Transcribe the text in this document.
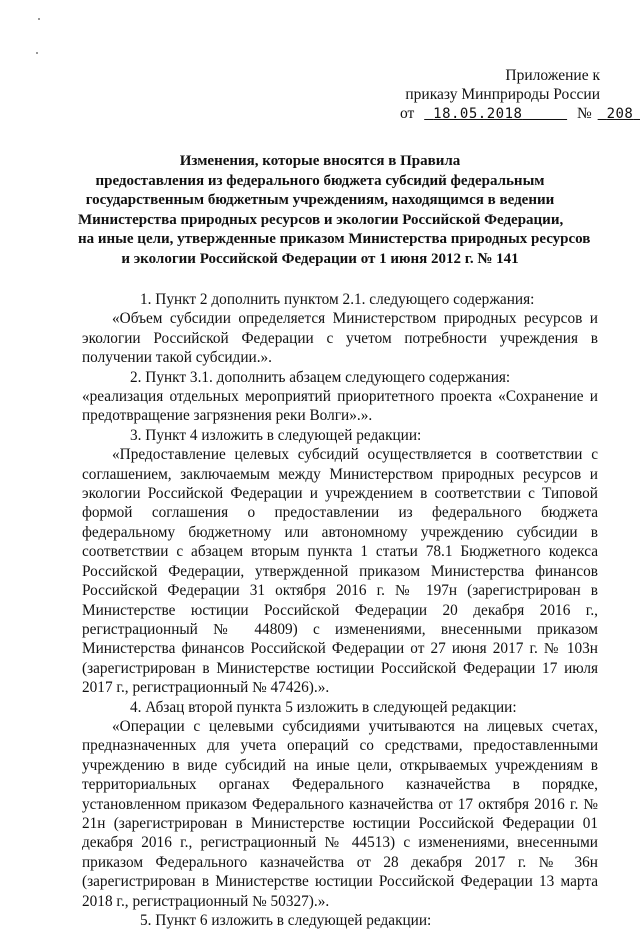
Приложение к
приказу Минприроды России
от 18.05.2018	№ 208
Изменения, которые вносятся в Правила
предоставления из федерального бюджета субсидий федеральным
государственным бюджетным учреждениям, находящимся в ведении
Министерства природных ресурсов и экологии Российской Федерации,
на иные цели, утвержденные приказом Министерства природных ресурсов
и экологии Российской Федерации от 1 июня 2012 г. № 141

1. Пункт 2 дополнить пунктом 2.1. следующего содержания:

«Объем субсидии определяется Министерством природных ресурсов и экологии Российской Федерации с учетом потребности учреждения в получении такой субсидии.».

2. Пункт 3.1. дополнить абзацем следующего содержания:

«реализация отдельных мероприятий приоритетного проекта «Сохранение и предотвращение загрязнения реки Волги».».

3. Пункт 4 изложить в следующей редакции:

«Предоставление целевых субсидий осуществляется в соответствии с соглашением, заключаемым между Министерством природных ресурсов и экологии Российской Федерации и учреждением в соответствии с Типовой формой соглашения о предоставлении из федерального бюджета федеральному бюджетному или автономному учреждению субсидии в соответствии с абзацем вторым пункта 1 статьи 78.1 Бюджетного кодекса Российской Федерации, утвержденной приказом Министерства финансов Российской Федерации 31 октября 2016 г. № 197н (зарегистрирован в Министерстве юстиции Российской Федерации 20 декабря 2016 г., регистрационный № 44809) с изменениями, внесенными приказом Министерства финансов Российской Федерации от 27 июня 2017 г. № 103н (зарегистрирован в Министерстве юстиции Российской Федерации 17 июля 2017 г., регистрационный № 47426).».

4. Абзац второй пункта 5 изложить в следующей редакции:

«Операции с целевыми субсидиями учитываются на лицевых счетах, предназначенных для учета операций со средствами, предоставленными учреждению в виде субсидий на иные цели, открываемых учреждениям в территориальных органах Федерального казначейства в порядке, установленном приказом Федерального казначейства от 17 октября 2016 г. № 21н (зарегистрирован в Министерстве юстиции Российской Федерации 01 декабря 2016 г., регистрационный № 44513) с изменениями, внесенными приказом Федерального казначейства от 28 декабря 2017 г. № 36н (зарегистрирован в Министерстве юстиции Российской Федерации 13 марта 2018 г., регистрационный № 50327).».

5. Пункт 6 изложить в следующей редакции:
